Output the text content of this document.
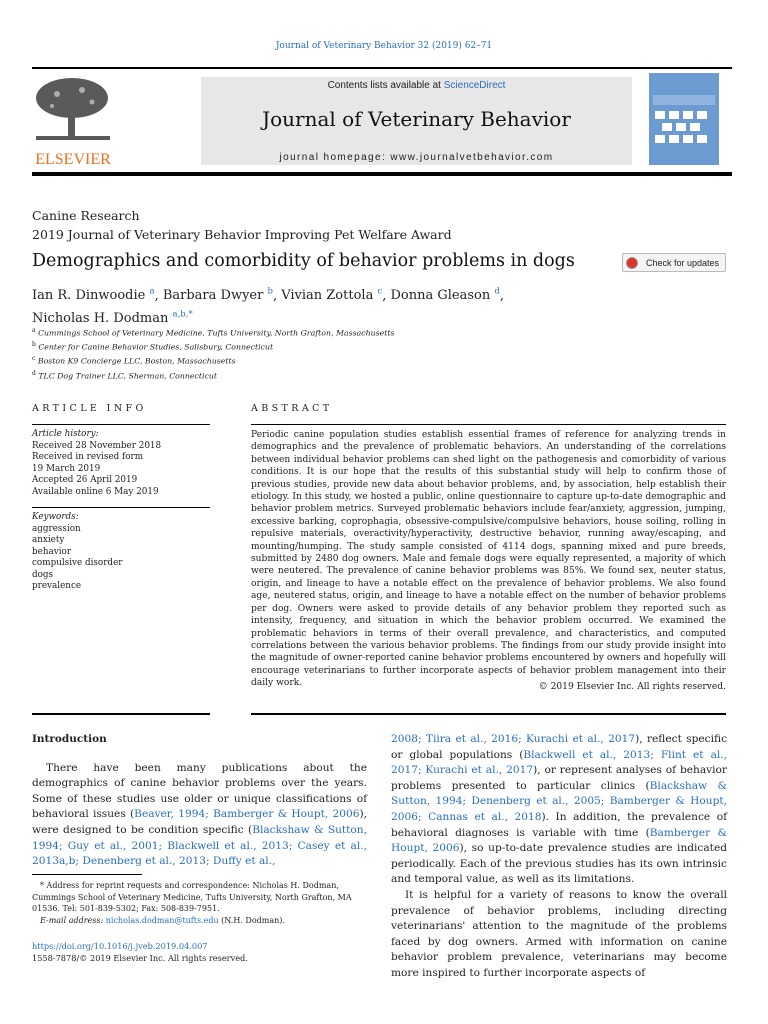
Journal of Veterinary Behavior 32 (2019) 62–71
ELSEVIER
Contents lists available at ScienceDirect
Journal of Veterinary Behavior
journal homepage: www.journalvetbehavior.com
Canine Research
2019 Journal of Veterinary Behavior Improving Pet Welfare Award
Demographics and comorbidity of behavior problems in dogs	Check for updates
Ian R. Dinwoodie $^a$, Barbara Dwyer $^b$, Vivian Zottola $^c$, Donna Gleason $^d$,
Nicholas H. Dodman $^{a,b,*}$
$^a$ Cummings School of Veterinary Medicine, Tufts University, North Grafton, Massachusetts
$^b$ Center for Canine Behavior Studies, Salisbury, Connecticut
$^c$ Boston K9 Concierge LLC, Boston, Massachusetts
$^d$ TLC Dog Trainer LLC, Sherman, Connecticut
ARTICLE INFO	ABSTRACT
Article history:
Received 28 November 2018
Received in revised form
19 March 2019
Accepted 26 April 2019
Available online 6 May 2019
Keywords:
aggression
anxiety
behavior
compulsive disorder
dogs
prevalence
Periodic canine population studies establish essential frames of reference for analyzing trends in demographics and the prevalence of problematic behaviors. An understanding of the correlations between individual behavior problems can shed light on the pathogenesis and comorbidity of various conditions. It is our hope that the results of this substantial study will help to confirm those of previous studies, provide new data about behavior problems, and, by association, help establish their etiology. In this study, we hosted a public, online questionnaire to capture up-to-date demographic and behavior problem metrics. Surveyed problematic behaviors include fear/anxiety, aggression, jumping, excessive barking, coprophagia, obsessive-compulsive/compulsive behaviors, house soiling, rolling in repulsive materials, overactivity/hyperactivity, destructive behavior, running away/escaping, and mounting/humping. The study sample consisted of 4114 dogs, spanning mixed and pure breeds, submitted by 2480 dog owners. Male and female dogs were equally represented, a majority of which were neutered. The prevalence of canine behavior problems was 85%. We found sex, neuter status, origin, and lineage to have a notable effect on the prevalence of behavior problems. We also found age, neutered status, origin, and lineage to have a notable effect on the number of behavior problems per dog. Owners were asked to provide details of any behavior problem they reported such as intensity, frequency, and situation in which the behavior problem occurred. We examined the problematic behaviors in terms of their overall prevalence, and characteristics, and computed correlations between the various behavior problems. The findings from our study provide insight into the magnitude of owner-reported canine behavior problems encountered by owners and hopefully will encourage veterinarians to further incorporate aspects of behavior problem management into their daily work.	© 2019 Elsevier Inc. All rights reserved.
Introduction

There have been many publications about the demographics of canine behavior problems over the years. Some of these studies use older or unique classifications of behavioral issues (Beaver, 1994; Bamberger & Houpt, 2006), were designed to be condition specific (Blackshaw & Sutton, 1994; Guy et al., 2001; Blackwell et al., 2013; Casey et al., 2013a,b; Denenberg et al., 2013; Duffy et al.,

2008; Tiira et al., 2016; Kurachi et al., 2017), reflect specific or global populations (Blackwell et al., 2013; Flint et al., 2017; Kurachi et al., 2017), or represent analyses of behavior problems presented to particular clinics (Blackshaw & Sutton, 1994; Denenberg et al., 2005; Bamberger & Houpt, 2006; Cannas et al., 2018). In addition, the prevalence of behavioral diagnoses is variable with time (Bamberger & Houpt, 2006), so up-to-date prevalence studies are indicated periodically. Each of the previous studies has its own intrinsic and temporal value, as well as its limitations.

It is helpful for a variety of reasons to know the overall prevalence of behavior problems, including directing veterinarians' attention to the magnitude of the problems faced by dog owners. Armed with information on canine behavior problem prevalence, veterinarians may become more inspired to further incorporate aspects of

* Address for reprint requests and correspondence: Nicholas H. Dodman, Cummings School of Veterinary Medicine, Tufts University, North Grafton, MA 01536. Tel: 501-839-5302; Fax: 508-839-7951.
E-mail address: nicholas.dodman@tufts.edu (N.H. Dodman).
https://doi.org/10.1016/j.jveb.2019.04.007
1558-7878/© 2019 Elsevier Inc. All rights reserved.
